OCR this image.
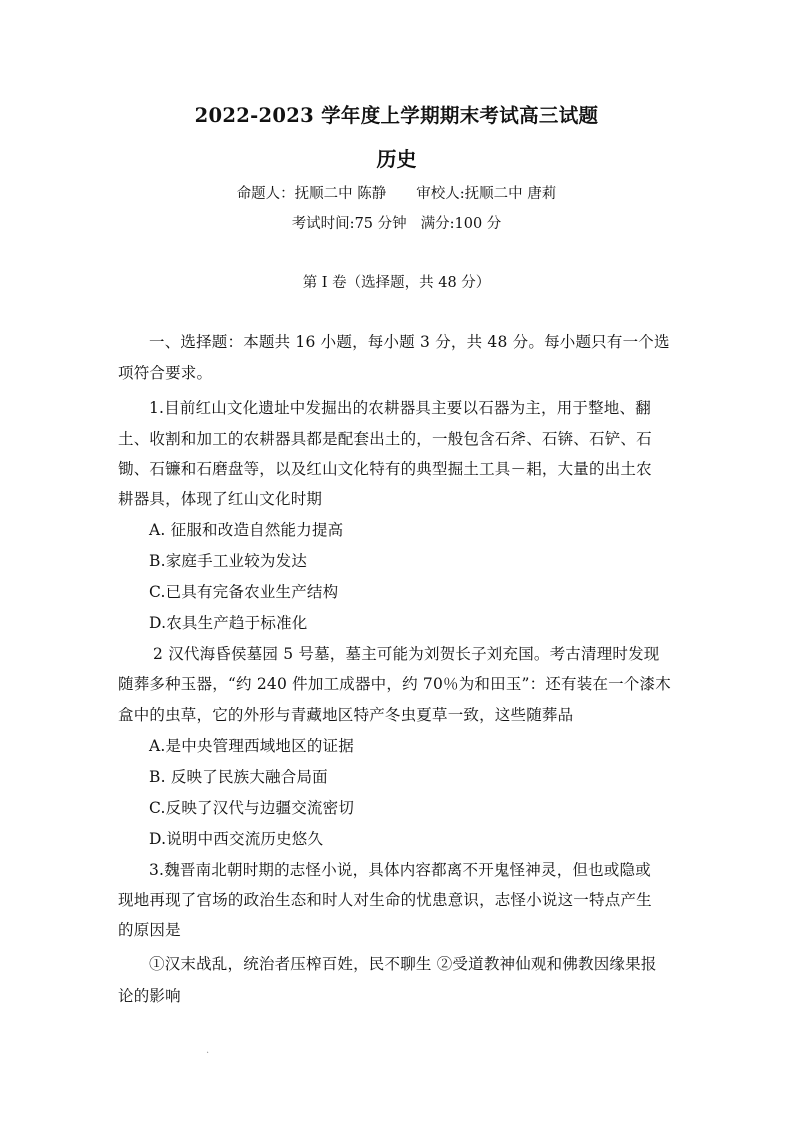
2022-2023 学年度上学期期末考试高三试题
历史
命题人：抚顺二中 陈静 审校人:抚顺二中 唐莉
考试时间:75 分钟 满分:100 分
第 I 卷（选择题，共 48 分）
一、选择题：本题共 16 小题，每小题 3 分，共 48 分。每小题只有一个选
项符合要求。
1.目前红山文化遗址中发掘出的农耕器具主要以石器为主，用于整地、翻
土、收割和加工的农耕器具都是配套出土的，一般包含石斧、石锛、石铲、石
锄、石镰和石磨盘等，以及红山文化特有的典型掘土工具－耜，大量的出土农
耕器具，体现了红山文化时期
A. 征服和改造自然能力提高
B.家庭手工业较为发达
C.已具有完备农业生产结构
D.农具生产趋于标准化
2 汉代海昏侯墓园 5 号墓，墓主可能为刘贺长子刘充国。考古清理时发现
随葬多种玉器，“约 240 件加工成器中，约 70％为和田玉”：还有装在一个漆木
盒中的虫草，它的外形与青藏地区特产冬虫夏草一致，这些随葬品
A.是中央管理西域地区的证据
B. 反映了民族大融合局面
C.反映了汉代与边疆交流密切
D.说明中西交流历史悠久
3.魏晋南北朝时期的志怪小说，具体内容都离不开鬼怪神灵，但也或隐或
现地再现了官场的政治生态和时人对生命的忧患意识，志怪小说这一特点产生
的原因是
①汉末战乱，统治者压榨百姓，民不聊生 ②受道教神仙观和佛教因缘果报
论的影响
.
